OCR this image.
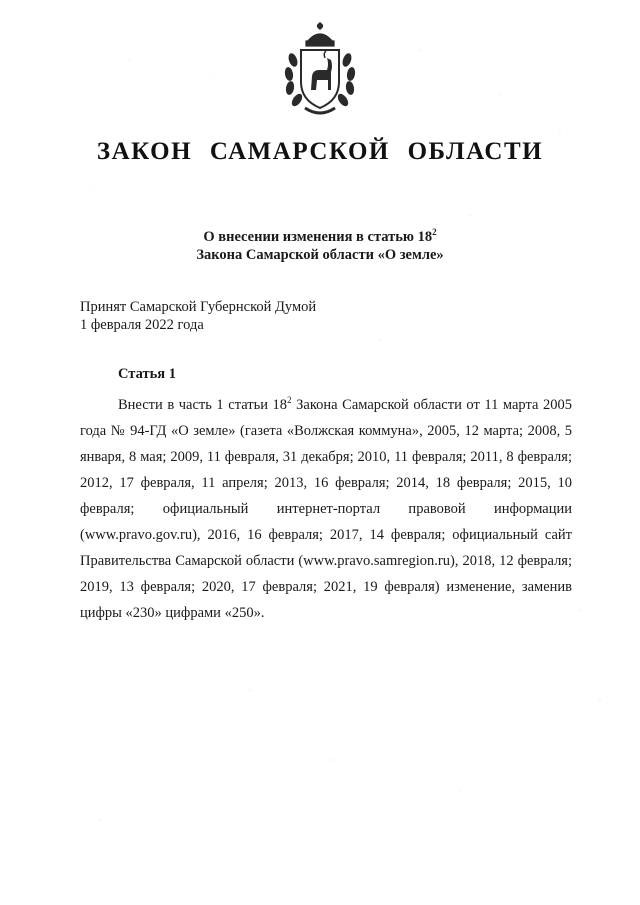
ЗАКОН САМАРСКОЙ ОБЛАСТИ
О внесении изменения в статью $18^2$
Закона Самарской области «О земле»
Принят Самарской Губернской Думой
1 февраля 2022 года
Статья 1

Внести в часть 1 статьи $18^2$ Закона Самарской области от 11 марта 2005 года № 94-ГД «О земле» (газета «Волжская коммуна», 2005, 12 марта; 2008, 5 января, 8 мая; 2009, 11 февраля, 31 декабря; 2010, 11 февраля; 2011, 8 февраля; 2012, 17 февраля, 11 апреля; 2013, 16 февраля; 2014, 18 февраля; 2015, 10 февраля; официальный интернет-портал правовой информации (www.pravo.gov.ru), 2016, 16 февраля; 2017, 14 февраля; официальный сайт Правительства Самарской области (www.pravo.samregion.ru), 2018, 12 февраля; 2019, 13 февраля; 2020, 17 февраля; 2021, 19 февраля) изменение, заменив цифры «230» цифрами «250».
